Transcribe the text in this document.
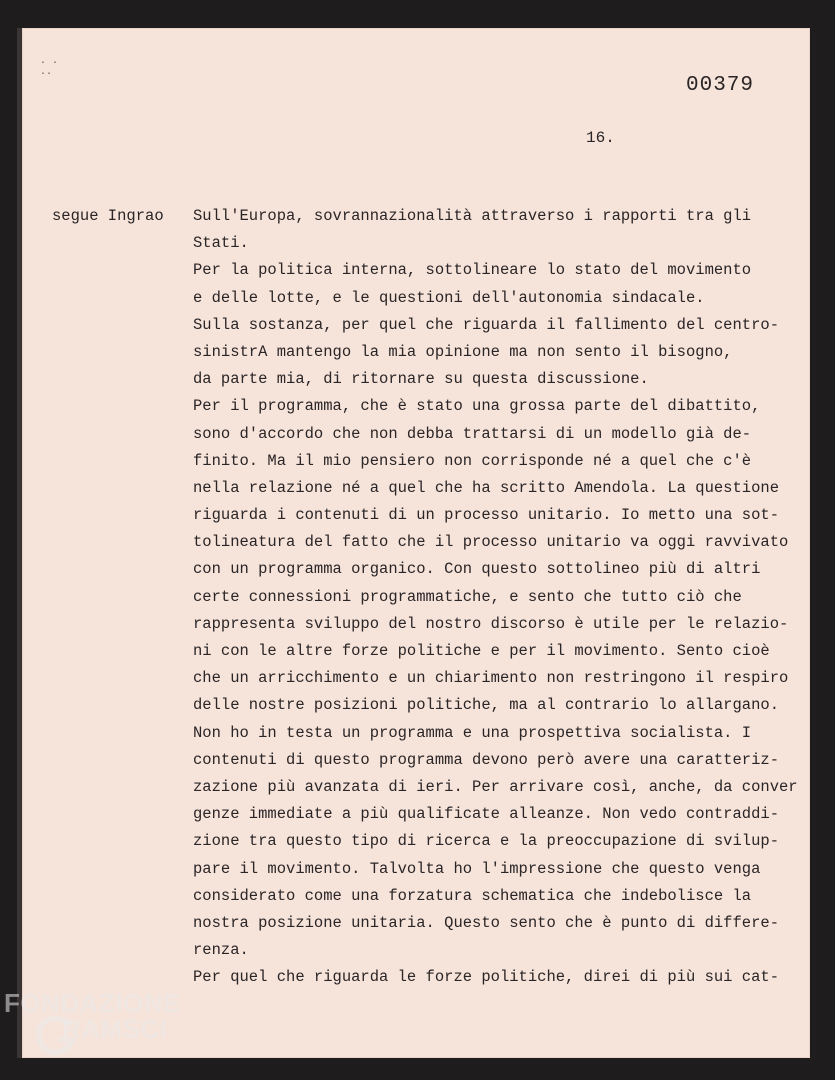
· ·
··	00379
16.
segue Ingrao Sull'Europa, sovrannazionalità attraverso i rapporti tra gli
Stati.
Per la politica interna, sottolineare lo stato del movimento
e delle lotte, e le questioni dell'autonomia sindacale.
Sulla sostanza, per quel che riguarda il fallimento del centro-
sinistrA mantengo la mia opinione ma non sento il bisogno,
da parte mia, di ritornare su questa discussione.
Per il programma, che è stato una grossa parte del dibattito,
sono d'accordo che non debba trattarsi di un modello già de-
finito. Ma il mio pensiero non corrisponde né a quel che c'è
nella relazione né a quel che ha scritto Amendola. La questione
riguarda i contenuti di un processo unitario. Io metto una sot-
tolineatura del fatto che il processo unitario va oggi ravvivato
con un programma organico. Con questo sottolineo più di altri
certe connessioni programmatiche, e sento che tutto ciò che
rappresenta sviluppo del nostro discorso è utile per le relazio-
ni con le altre forze politiche e per il movimento. Sento cioè
che un arricchimento e un chiarimento non restringono il respiro
delle nostre posizioni politiche, ma al contrario lo allargano.
Non ho in testa un programma e una prospettiva socialista. I
contenuti di questo programma devono però avere una caratteriz-
zazione più avanzata di ieri. Per arrivare così, anche, da conver
genze immediate a più qualificate alleanze. Non vedo contraddi-
zione tra questo tipo di ricerca e la preoccupazione di svilup-
pare il movimento. Talvolta ho l'impressione che questo venga
considerato come una forzatura schematica che indebolisce la
nostra posizione unitaria. Questo sento che è punto di differe-
renza.
Per quel che riguarda le forze politiche, direi di più sui cat-
FONDAZIONE
RAMSCI
